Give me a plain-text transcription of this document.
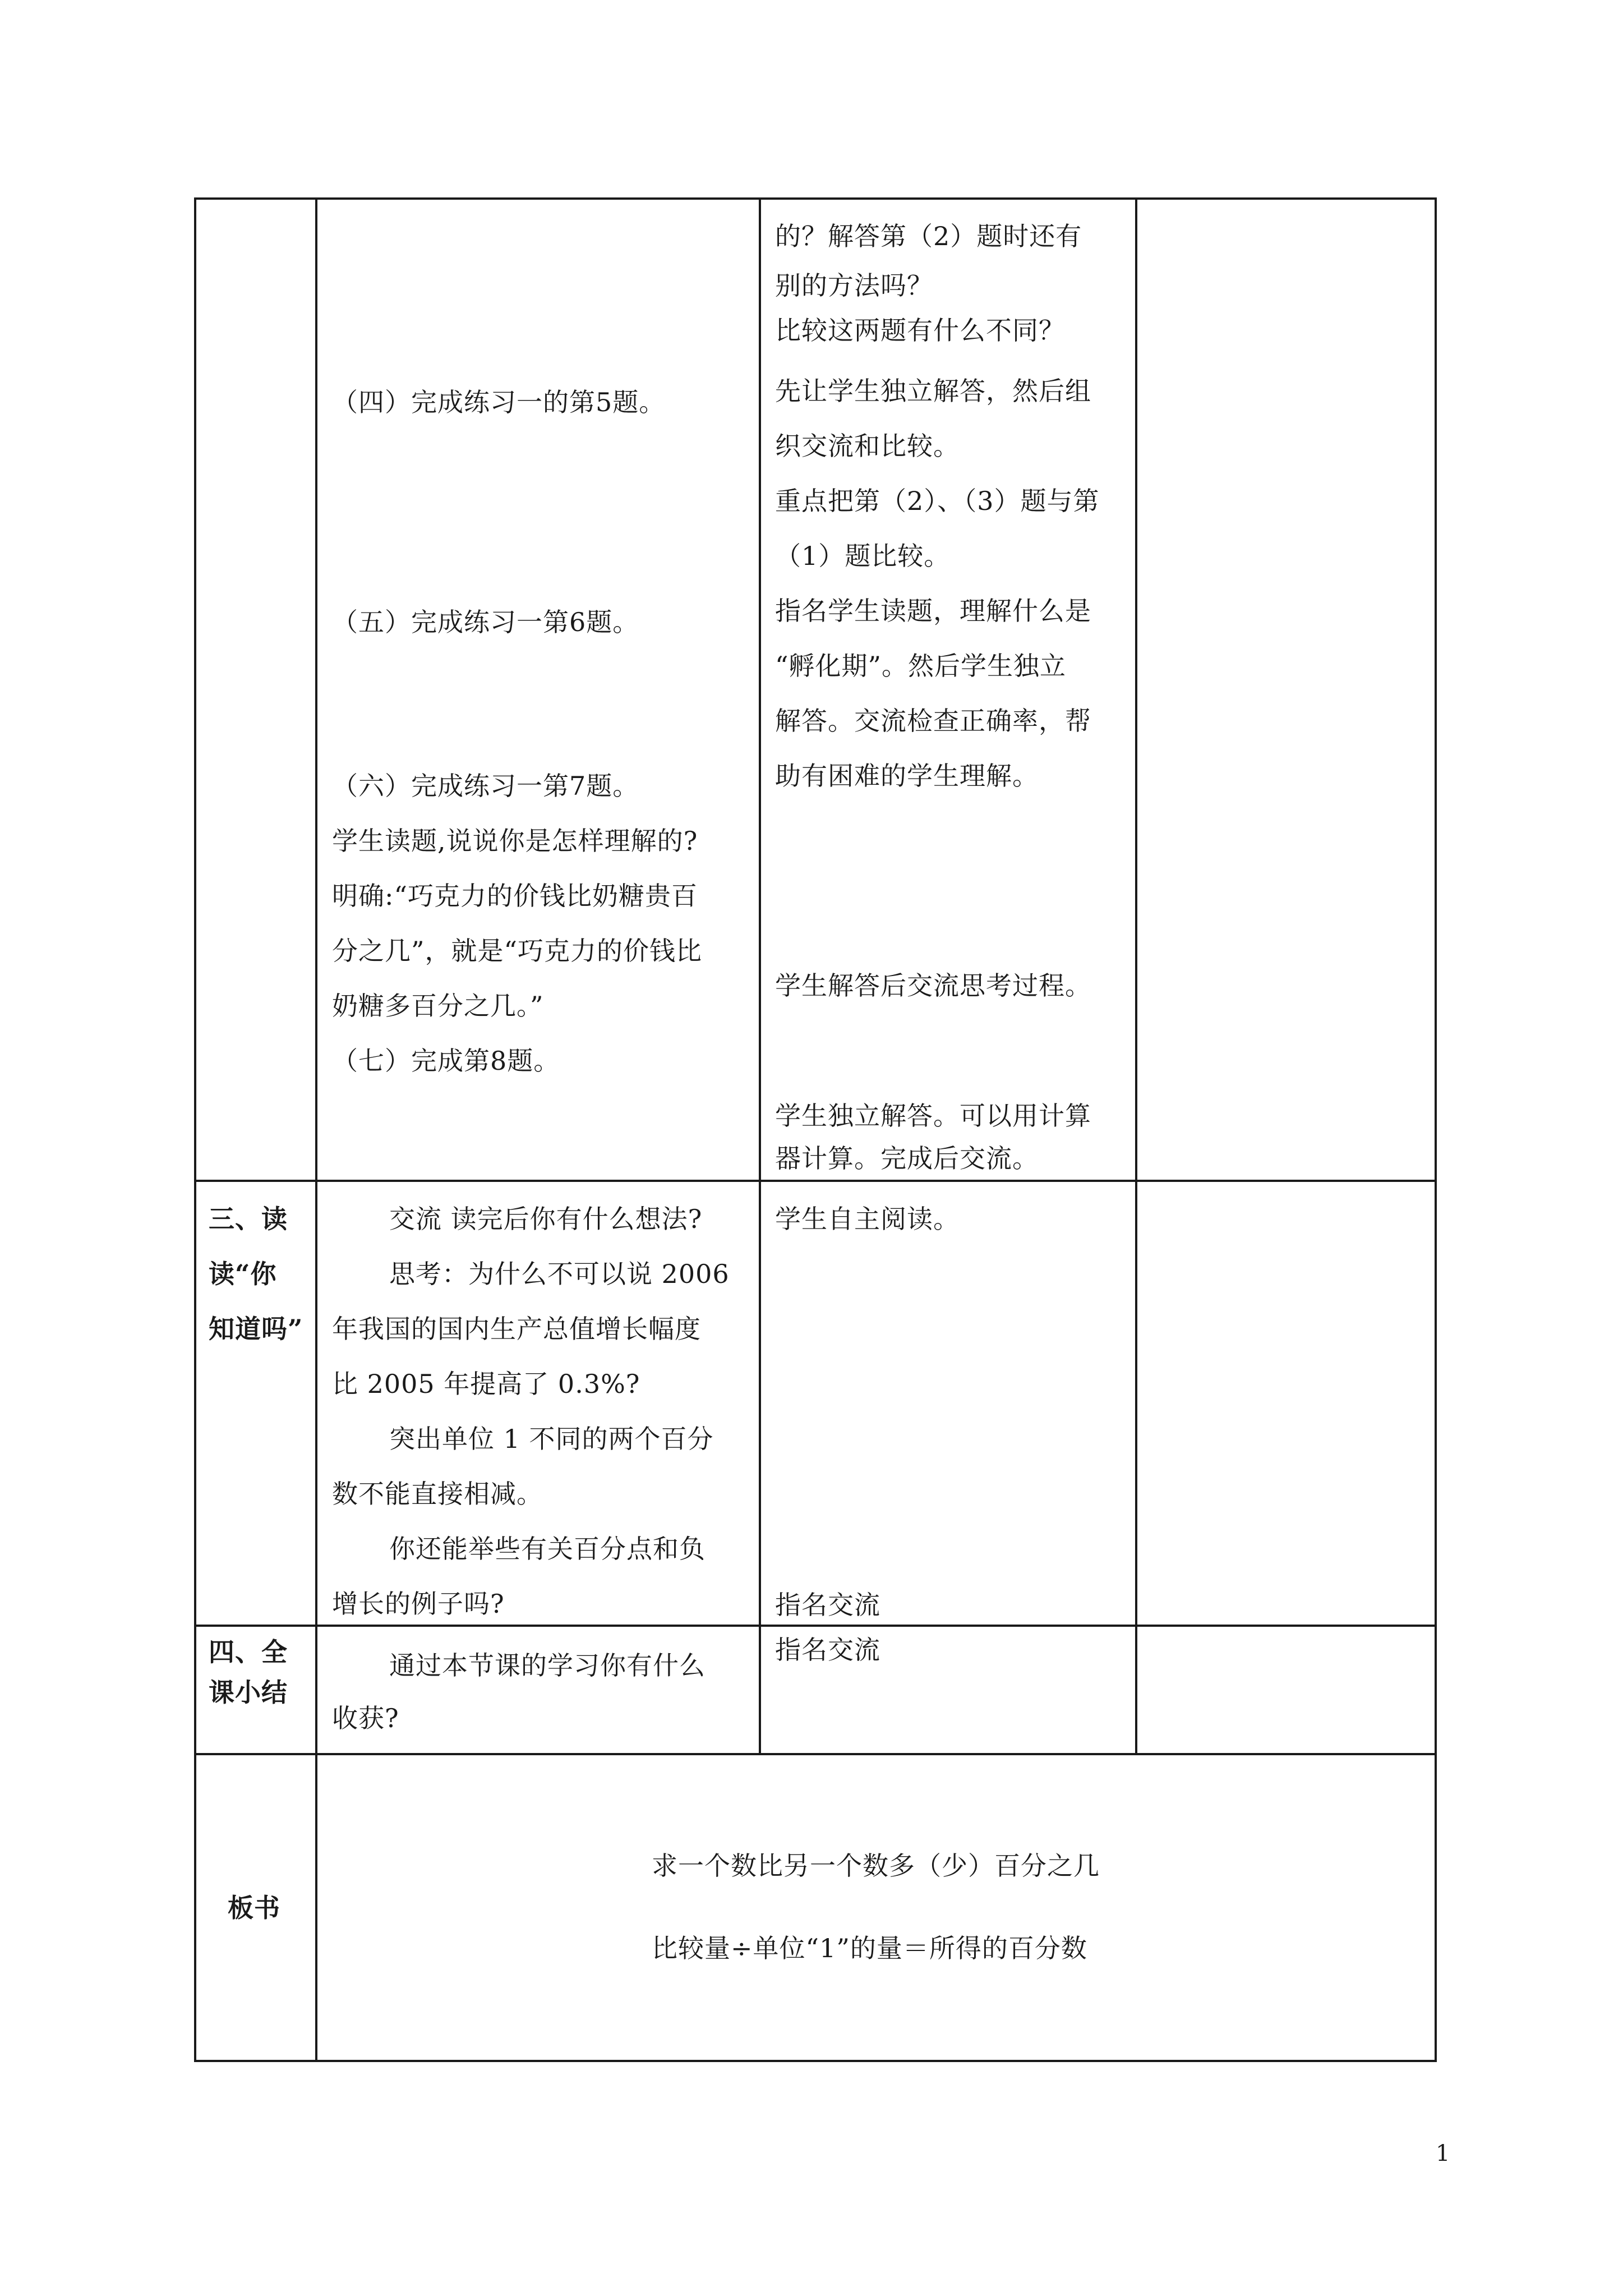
（四）完成练习一的第5题。
（五）完成练习一第6题。
（六）完成练习一第7题。
学生读题,说说你是怎样理解的?
明确:“巧克力的价钱比奶糖贵百
分之几”，就是“巧克力的价钱比
奶糖多百分之几。”
（七）完成第8题。
的？解答第（2）题时还有
别的方法吗？
比较这两题有什么不同？
先让学生独立解答，然后组
织交流和比较。
重点把第（2）、（3）题与第
（1）题比较。
指名学生读题，理解什么是
“孵化期”。然后学生独立
解答。交流检查正确率，帮
助有困难的学生理解。
学生解答后交流思考过程。
学生独立解答。可以用计算
器计算。完成后交流。
三、读
读“你
知道吗”
交流 读完后你有什么想法?
思考：为什么不可以说 2006
年我国的国内生产总值增长幅度
比 2005 年提高了 0.3%?
突出单位 1 不同的两个百分
数不能直接相减。
你还能举些有关百分点和负
增长的例子吗?
学生自主阅读。
指名交流
四、全
课小结
通过本节课的学习你有什么
收获?
指名交流
板书
求一个数比另一个数多（少）百分之几
比较量÷单位“1”的量＝所得的百分数
1
